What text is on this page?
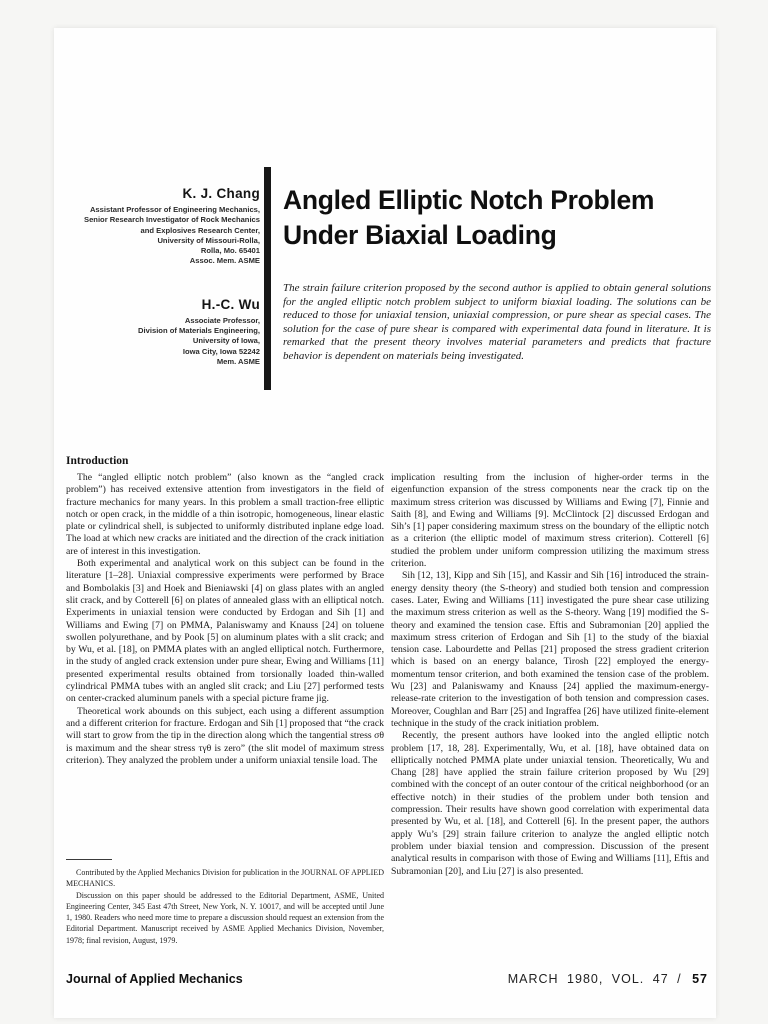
K. J. Chang
Assistant Professor of Engineering Mechanics,
Senior Research Investigator of Rock Mechanics
and Explosives Research Center,
University of Missouri-Rolla,
Rolla, Mo. 65401
Assoc. Mem. ASME
H.-C. Wu
Associate Professor,
Division of Materials Engineering,
University of Iowa,
Iowa City, Iowa 52242
Mem. ASME
Angled Elliptic Notch Problem
Under Biaxial Loading
The strain failure criterion proposed by the second author is applied to obtain general solutions for the angled elliptic notch problem subject to uniform biaxial loading. The solutions can be reduced to those for uniaxial tension, uniaxial compression, or pure shear as special cases. The solution for the case of pure shear is compared with experimental data found in literature. It is remarked that the present theory involves material parameters and predicts that fracture behavior is dependent on materials being investigated.
Introduction

The “angled elliptic notch problem” (also known as the “angled crack problem”) has received extensive attention from investigators in the field of fracture mechanics for many years. In this problem a small traction-free elliptic notch or open crack, in the middle of a thin isotropic, homogeneous, linear elastic plate or cylindrical shell, is subjected to uniformly distributed inplane edge load. The load at which new cracks are initiated and the direction of the crack initiation are of interest in this investigation.

Both experimental and analytical work on this subject can be found in the literature [1–28]. Uniaxial compressive experiments were performed by Brace and Bombolakis [3] and Hoek and Bieniawski [4] on glass plates with an angled slit crack, and by Cotterell [6] on plates of annealed glass with an elliptical notch. Experiments in uniaxial tension were conducted by Erdogan and Sih [1] and Williams and Ewing [7] on PMMA, Palaniswamy and Knauss [24] on toluene swollen polyurethane, and by Pook [5] on aluminum plates with a slit crack; and by Wu, et al. [18], on PMMA plates with an angled elliptical notch. Furthermore, in the study of angled crack extension under pure shear, Ewing and Williams [11] presented experimental results obtained from torsionally loaded thin-walled cylindrical PMMA tubes with an angled slit crack; and Liu [27] performed tests on center-cracked aluminum panels with a special picture frame jig.

Theoretical work abounds on this subject, each using a different assumption and a different criterion for fracture. Erdogan and Sih [1] proposed that “the crack will start to grow from the tip in the direction along which the tangential stress σθ is maximum and the shear stress τγθ is zero” (the slit model of maximum stress criterion). They analyzed the problem under a uniform uniaxial tensile load. The

implication resulting from the inclusion of higher-order terms in the eigenfunction expansion of the stress components near the crack tip on the maximum stress criterion was discussed by Williams and Ewing [7], Finnie and Saith [8], and Ewing and Williams [9]. McClintock [2] discussed Erdogan and Sih’s [1] paper considering maximum stress on the boundary of the elliptic notch as a criterion (the elliptic model of maximum stress criterion). Cotterell [6] studied the problem under uniform compression utilizing the maximum stress criterion.

Sih [12, 13], Kipp and Sih [15], and Kassir and Sih [16] introduced the strain-energy density theory (the S-theory) and studied both tension and compression cases. Later, Ewing and Williams [11] investigated the pure shear case utilizing the maximum stress criterion as well as the S-theory. Wang [19] modified the S-theory and examined the tension case. Eftis and Subramonian [20] applied the maximum stress criterion of Erdogan and Sih [1] to the study of the biaxial tension case. Labourdette and Pellas [21] proposed the stress gradient criterion which is based on an energy balance, Tirosh [22] employed the energy-momentum tensor criterion, and both examined the tension case of the problem. Wu [23] and Palaniswamy and Knauss [24] applied the maximum-energy-release-rate criterion to the investigation of both tension and compression cases. Moreover, Coughlan and Barr [25] and Ingraffea [26] have utilized finite-element technique in the study of the crack initiation problem.

Recently, the present authors have looked into the angled elliptic notch problem [17, 18, 28]. Experimentally, Wu, et al. [18], have obtained data on elliptically notched PMMA plate under uniaxial tension. Theoretically, Wu and Chang [28] have applied the strain failure criterion proposed by Wu [29] combined with the concept of an outer contour of the critical neighborhood (or an effective notch) in their studies of the problem under both tension and compression. Their results have shown good correlation with experimental data presented by Wu, et al. [18], and Cotterell [6]. In the present paper, the authors apply Wu’s [29] strain failure criterion to analyze the angled elliptic notch problem under biaxial tension and compression. Discussion of the present analytical results in comparison with those of Ewing and Williams [11], Eftis and Subramonian [20], and Liu [27] is also presented.

Contributed by the Applied Mechanics Division for publication in the JOURNAL OF APPLIED MECHANICS.

Discussion on this paper should be addressed to the Editorial Department, ASME, United Engineering Center, 345 East 47th Street, New York, N. Y. 10017, and will be accepted until June 1, 1980. Readers who need more time to prepare a discussion should request an extension from the Editorial Department. Manuscript received by ASME Applied Mechanics Division, November, 1978; final revision, August, 1979.

Journal of Applied Mechanics	MARCH 1980, VOL. 47 / 57
